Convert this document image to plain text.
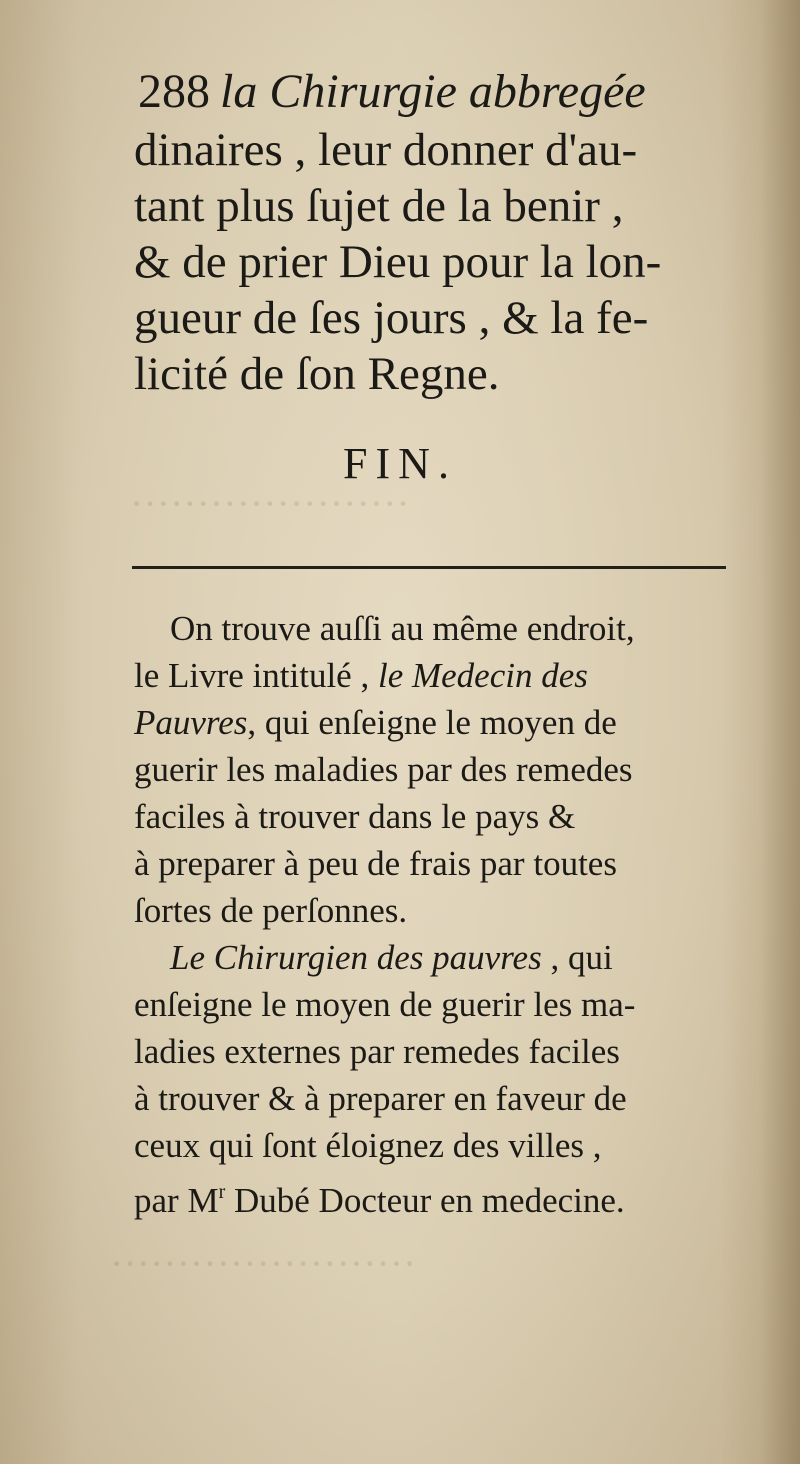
·····················
·······················
288 la Chirurgie abbregée
dinaires , leur donner d'au-
tant plus ſujet de la benir ,
& de prier Dieu pour la lon-
gueur de ſes jours , & la fe-
licité de ſon Regne.
FIN.
On trouve auſſi au même endroit,
le Livre intitulé , le Medecin des
Pauvres, qui enſeigne le moyen de
guerir les maladies par des remedes
faciles à trouver dans le pays &
à preparer à peu de frais par toutes
ſortes de perſonnes.
Le Chirurgien des pauvres , qui
enſeigne le moyen de guerir les ma-
ladies externes par remedes faciles
à trouver & à preparer en faveur de
ceux qui ſont éloignez des villes ,
par $M^r$ Dubé Docteur en medecine.
